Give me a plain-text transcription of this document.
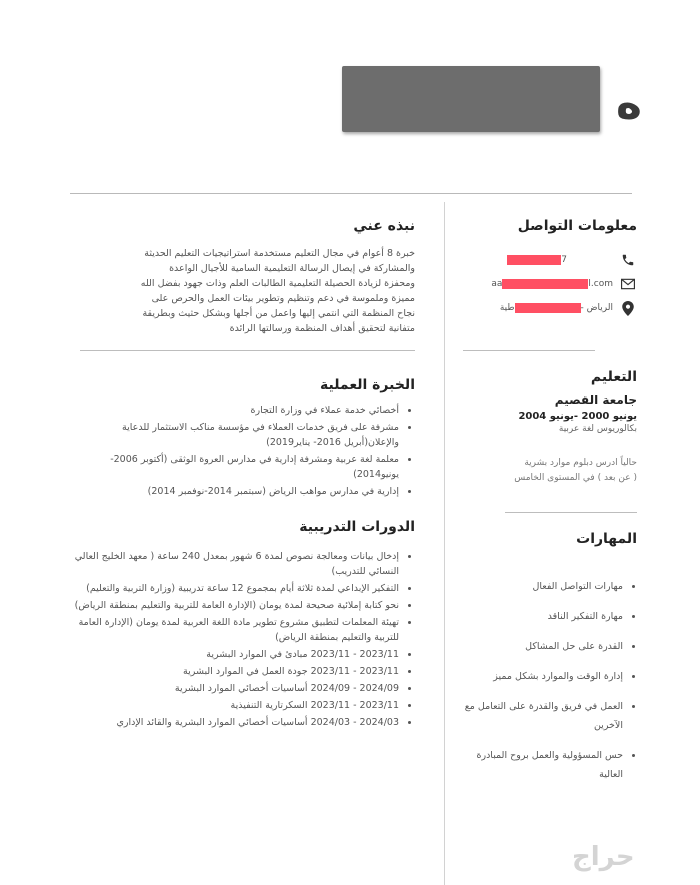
ه
معلومات التواصل
7
l.com
aa
الرياض -
طية
التعليم
جامعة القصيم
يونيو 2000 -يونيو 2004
بكالوريوس لغة عربية
حالياً ادرس دبلوم موارد بشرية
( عن بعد ) في المستوى الخامس
المهارات
• مهارات التواصل الفعال
• مهارة التفكير الناقد
• القدرة على حل المشاكل
• إدارة الوقت والموارد بشكل مميز
• العمل في فريق والقدرة على التعامل مع الآخرين
• حس المسؤولية والعمل بروح المبادرة العالية
نبذه عني
خبرة 8 أعوام في مجال التعليم مستخدمة استراتيجيات التعليم الحديثة
والمشاركة في إيصال الرسالة التعليمية السامية للأجيال الواعدة
ومحفزة لزيادة الحصيلة التعليمية الطالبات العلم وذات جهود بفضل الله
مميزة وملموسة في دعم وتنظيم وتطوير بيئات العمل والحرص على
نجاح المنظمة التي انتمي إليها واعمل من أجلها وبشكل حثيث وبطريقة
متفانية لتحقيق أهداف المنظمة ورسالتها الرائدة
الخبرة العملية
• أخصائي خدمة عملاء في وزارة التجارة
• مشرفة على فريق خدمات العملاء في مؤسسة مناكب الاستثمار للدعاية والإعلان(أبريل 2016- يناير2019)
• معلمة لغة عربية ومشرفة إدارية في مدارس العروة الوثقى (أكتوبر 2006-يونيو2014)
• إدارية في مدارس مواهب الرياض (سبتمبر 2014-نوفمبر 2014)
الدورات التدريبية
• إدخال بيانات ومعالجة نصوص لمدة 6 شهور بمعدل 240 ساعة ( معهد الخليج العالي النسائي للتدريب)
• التفكير الإبداعي لمدة ثلاثة أيام بمجموع 12 ساعة تدريبية (وزارة التربية والتعليم)
• نحو كتابة إملائية صحيحة لمدة يومان (الإدارة العامة للتربية والتعليم بمنطقة الرياض)
• تهيئة المعلمات لتطبيق مشروع تطوير مادة اللغة العربية لمدة يومان (الإدارة العامة للتربية والتعليم بمنطقة الرياض)
• 2023/11 - 2023/11 مبادئ في الموارد البشرية
• 2023/11 - 2023/11 جودة العمل في الموارد البشرية
• 2024/09 - 2024/09 أساسيات أخصائي الموارد البشرية
• 2023/11 - 2023/11 السكرتارية التنفيذية
• 2024/03 - 2024/03 أساسيات أخصائي الموارد البشرية والقائد الإداري
ﺣﺮاج
